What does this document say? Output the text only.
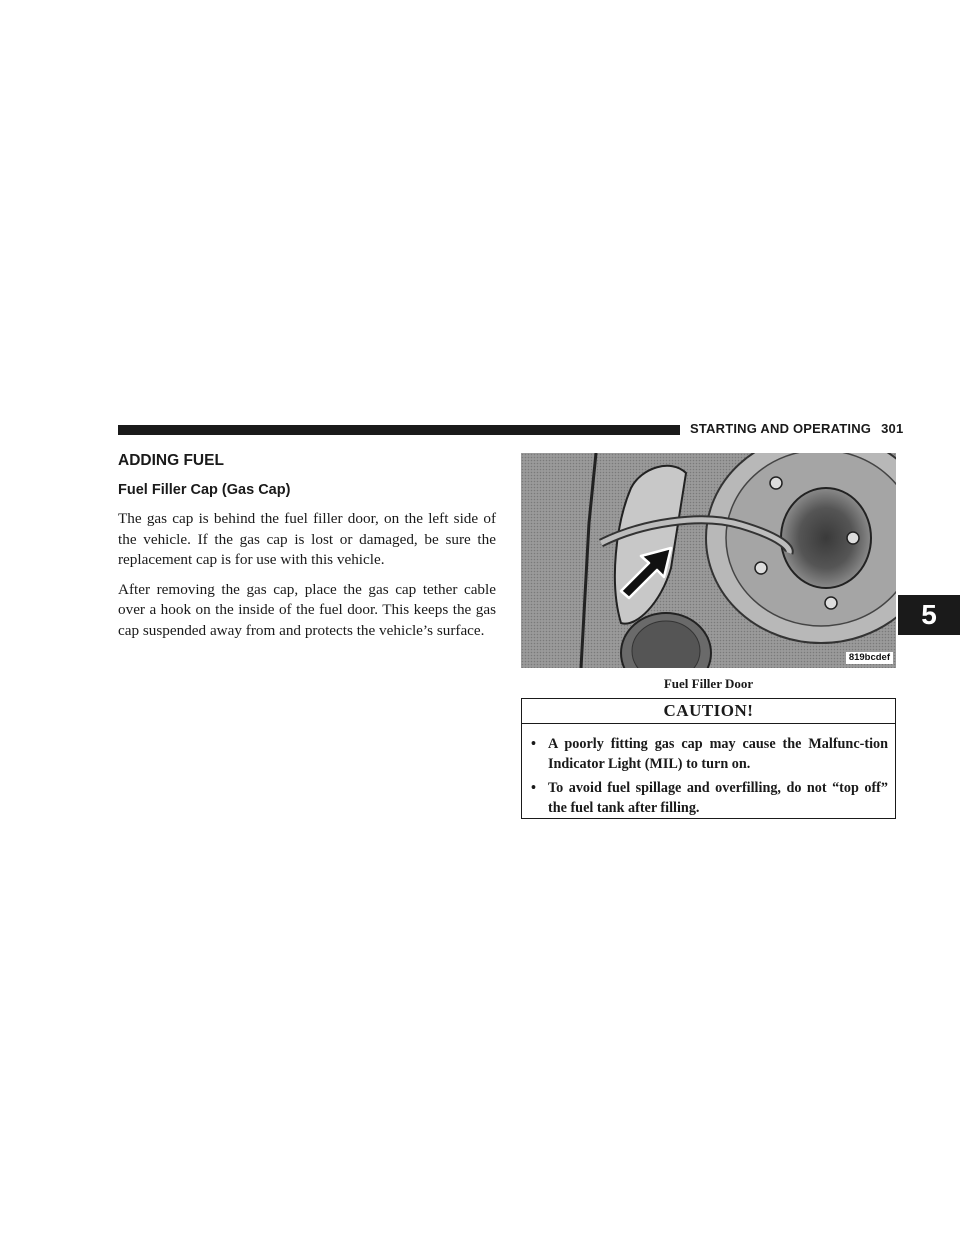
STARTING AND OPERATING 301
5
ADDING FUEL
Fuel Filler Cap (Gas Cap)

The gas cap is behind the fuel filler door, on the left side of the vehicle. If the gas cap is lost or damaged, be sure the replacement cap is for use with this vehicle.

After removing the gas cap, place the gas cap tether cable over a hook on the inside of the fuel door. This keeps the gas cap suspended away from and protects the vehicle’s surface.

819bcdef
Fuel Filler Door
CAUTION!
• A poorly fitting gas cap may cause the Malfunc-tion Indicator Light (MIL) to turn on.
• To avoid fuel spillage and overfilling, do not “top off” the fuel tank after filling.
